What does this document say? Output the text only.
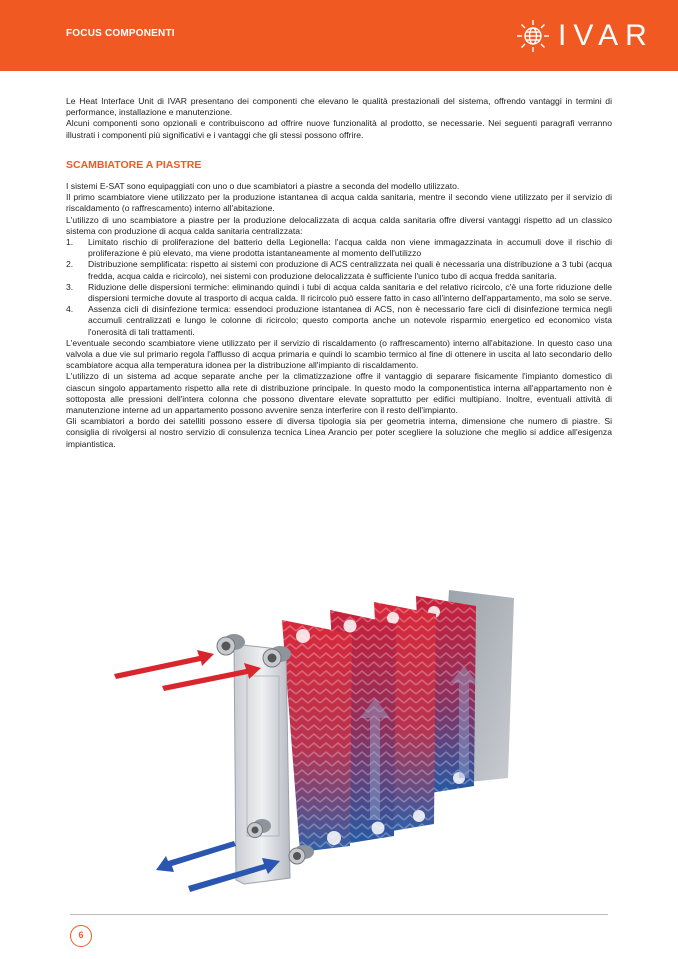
FOCUS COMPONENTI	IVAR

Le Heat Interface Unit di IVAR presentano dei componenti che elevano le qualità prestazionali del sistema, offrendo vantaggi in termini di performance, installazione e manutenzione.

Alcuni componenti sono opzionali e contribuiscono ad offrire nuove funzionalità al prodotto, se necessarie. Nei seguenti paragrafi verranno illustrati i componenti più significativi e i vantaggi che gli stessi possono offrire.

SCAMBIATORE A PIASTRE

I sistemi E-SAT sono equipaggiati con uno o due scambiatori a piastre a seconda del modello utilizzato.

Il primo scambiatore viene utilizzato per la produzione istantanea di acqua calda sanitaria, mentre il secondo viene utilizzato per il servizio di riscaldamento (o raffrescamento) interno all'abitazione.

L'utilizzo di uno scambiatore a piastre per la produzione delocalizzata di acqua calda sanitaria offre diversi vantaggi rispetto ad un classico sistema con produzione di acqua calda sanitaria centralizzata:

1. Limitato rischio di proliferazione del batterio della Legionella: l'acqua calda non viene immagazzinata in accumuli dove il rischio di proliferazione è più elevato, ma viene prodotta istantaneamente al momento dell'utilizzo
2. Distribuzione semplificata: rispetto ai sistemi con produzione di ACS centralizzata nei quali è necessaria una distribuzione a 3 tubi (acqua fredda, acqua calda e ricircolo), nei sistemi con produzione delocalizzata è sufficiente l'unico tubo di acqua fredda sanitaria.
3. Riduzione delle dispersioni termiche: eliminando quindi i tubi di acqua calda sanitaria e del relativo ricircolo, c'è una forte riduzione delle dispersioni termiche dovute al trasporto di acqua calda. Il ricircolo può essere fatto in caso all'interno dell'appartamento, ma solo se serve.
4. Assenza cicli di disinfezione termica: essendoci produzione istantanea di ACS, non è necessario fare cicli di disinfezione termica negli accumuli centralizzati e lungo le colonne di ricircolo; questo comporta anche un notevole risparmio energetico ed economico vista l'onerosità di tali trattamenti.

L'eventuale secondo scambiatore viene utilizzato per il servizio di riscaldamento (o raffrescamento) interno all'abitazione. In questo caso una valvola a due vie sul primario regola l'afflusso di acqua primaria e quindi lo scambio termico al fine di ottenere in uscita al lato secondario dello scambiatore acqua alla temperatura idonea per la distribuzione all'impianto di riscaldamento.

L'utilizzo di un sistema ad acque separate anche per la climatizzazione offre il vantaggio di separare fisicamente l'impianto domestico di ciascun singolo appartamento rispetto alla rete di distribuzione principale. In questo modo la componentistica interna all'appartamento non è sottoposta alle pressioni dell'intera colonna che possono diventare elevate soprattutto per edifici multipiano. Inoltre, eventuali attività di manutenzione interne ad un appartamento possono avvenire senza interferire con il resto dell'impianto.

Gli scambiatori a bordo dei satelliti possono essere di diversa tipologia sia per geometria interna, dimensione che numero di piastre. Si consiglia di rivolgersi al nostro servizio di consulenza tecnica Linea Arancio per poter scegliere la soluzione che meglio si addice all'esigenza impiantistica.

6
